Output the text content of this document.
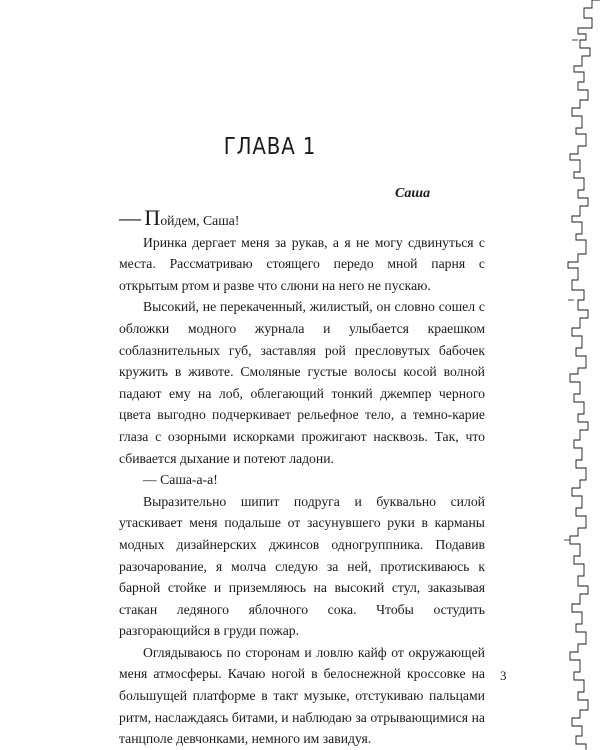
ГЛАВА 1
Саша

— Пойдем, Саша!

Иринка дергает меня за рукав, а я не могу сдвинуться с места. Рассматриваю стоящего передо мной парня с открытым ртом и разве что слюни на него не пускаю.

Высокий, не перекаченный, жилистый, он словно сошел с обложки модного журнала и улыбается краешком соблазнительных губ, заставляя рой пресловутых бабочек кружить в животе. Смоляные густые волосы косой волной падают ему на лоб, облегающий тонкий джемпер черного цвета выгодно подчеркивает рельефное тело, а темно-карие глаза с озорными искорками прожигают насквозь. Так, что сбивается дыхание и потеют ладони.

— Саша-а-а!

Выразительно шипит подруга и буквально силой утаскивает меня подальше от засунувшего руки в карманы модных дизайнерских джинсов одногруппника. Подавив разочарование, я молча следую за ней, протискиваюсь к барной стойке и приземляюсь на высокий стул, заказывая стакан ледяного яблочного сока. Чтобы остудить разгорающийся в груди пожар.

Оглядываюсь по сторонам и ловлю кайф от окружающей меня атмосферы. Качаю ногой в белоснежной кроссовке на большущей платформе в такт музыке, отстукиваю пальцами ритм, наслаждаясь битами, и наблюдаю за отрывающимися на танцполе девчонками, немного им завидуя.

3
